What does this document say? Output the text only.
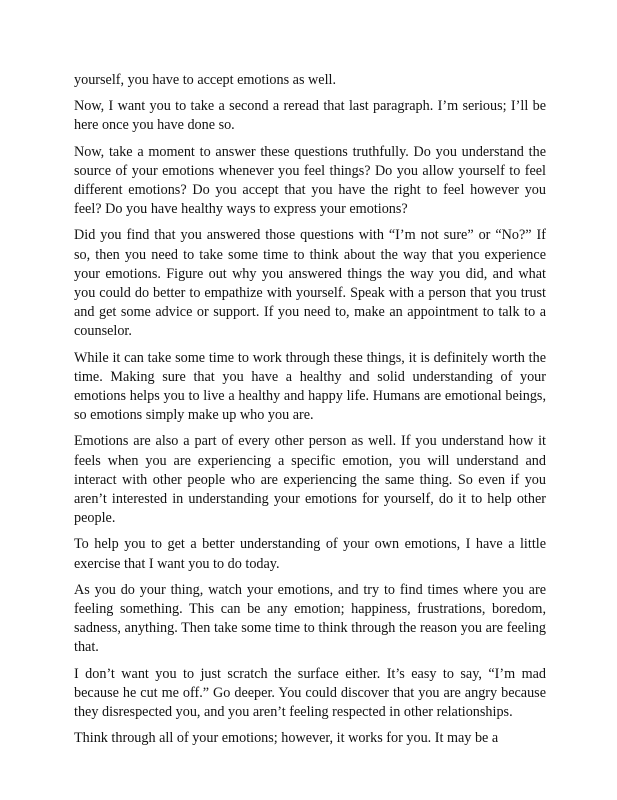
yourself, you have to accept emotions as well.

Now, I want you to take a second a reread that last paragraph. I’m serious; I’ll be here once you have done so.

Now, take a moment to answer these questions truthfully. Do you understand the source of your emotions whenever you feel things? Do you allow yourself to feel different emotions? Do you accept that you have the right to feel however you feel? Do you have healthy ways to express your emotions?

Did you find that you answered those questions with “I’m not sure” or “No?” If so, then you need to take some time to think about the way that you experience your emotions. Figure out why you answered things the way you did, and what you could do better to empathize with yourself. Speak with a person that you trust and get some advice or support. If you need to, make an appointment to talk to a counselor.

While it can take some time to work through these things, it is definitely worth the time. Making sure that you have a healthy and solid understanding of your emotions helps you to live a healthy and happy life. Humans are emotional beings, so emotions simply make up who you are.

Emotions are also a part of every other person as well. If you understand how it feels when you are experiencing a specific emotion, you will understand and interact with other people who are experiencing the same thing. So even if you aren’t interested in understanding your emotions for yourself, do it to help other people.

To help you to get a better understanding of your own emotions, I have a little exercise that I want you to do today.

As you do your thing, watch your emotions, and try to find times where you are feeling something. This can be any emotion; happiness, frustrations, boredom, sadness, anything. Then take some time to think through the reason you are feeling that.

I don’t want you to just scratch the surface either. It’s easy to say, “I’m mad because he cut me off.” Go deeper. You could discover that you are angry because they disrespected you, and you aren’t feeling respected in other relationships.

Think through all of your emotions; however, it works for you. It may be a
